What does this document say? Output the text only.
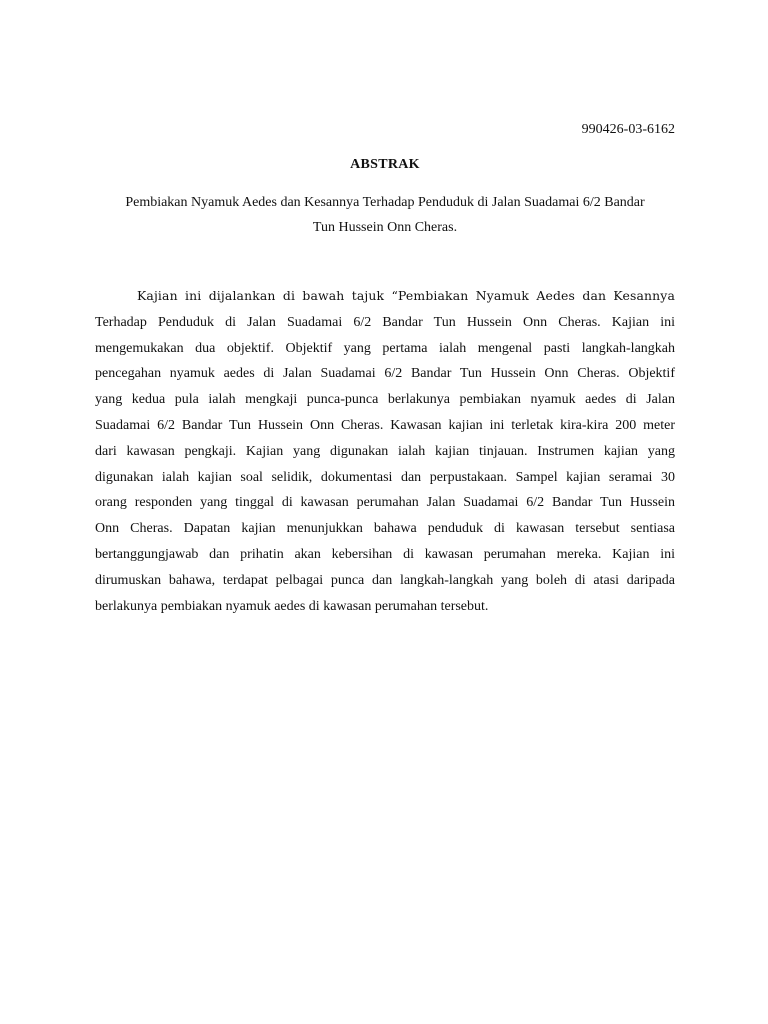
990426-03-6162
ABSTRAK
Pembiakan Nyamuk Aedes dan Kesannya Terhadap Penduduk di Jalan Suadamai 6/2 Bandar
Tun Hussein Onn Cheras.
Kajian ini dijalankan di bawah tajuk “Pembiakan Nyamuk Aedes dan Kesannya
Terhadap Penduduk di Jalan Suadamai 6/2 Bandar Tun Hussein Onn Cheras. Kajian ini
mengemukakan dua objektif. Objektif yang pertama ialah mengenal pasti langkah-langkah
pencegahan nyamuk aedes di Jalan Suadamai 6/2 Bandar Tun Hussein Onn Cheras. Objektif
yang kedua pula ialah mengkaji punca-punca berlakunya pembiakan nyamuk aedes di Jalan
Suadamai 6/2 Bandar Tun Hussein Onn Cheras. Kawasan kajian ini terletak kira-kira 200 meter
dari kawasan pengkaji. Kajian yang digunakan ialah kajian tinjauan. Instrumen kajian yang
digunakan ialah kajian soal selidik, dokumentasi dan perpustakaan. Sampel kajian seramai 30
orang responden yang tinggal di kawasan perumahan Jalan Suadamai 6/2 Bandar Tun Hussein
Onn Cheras. Dapatan kajian menunjukkan bahawa penduduk di kawasan tersebut sentiasa
bertanggungjawab dan prihatin akan kebersihan di kawasan perumahan mereka. Kajian ini
dirumuskan bahawa, terdapat pelbagai punca dan langkah-langkah yang boleh di atasi daripada
berlakunya pembiakan nyamuk aedes di kawasan perumahan tersebut.
